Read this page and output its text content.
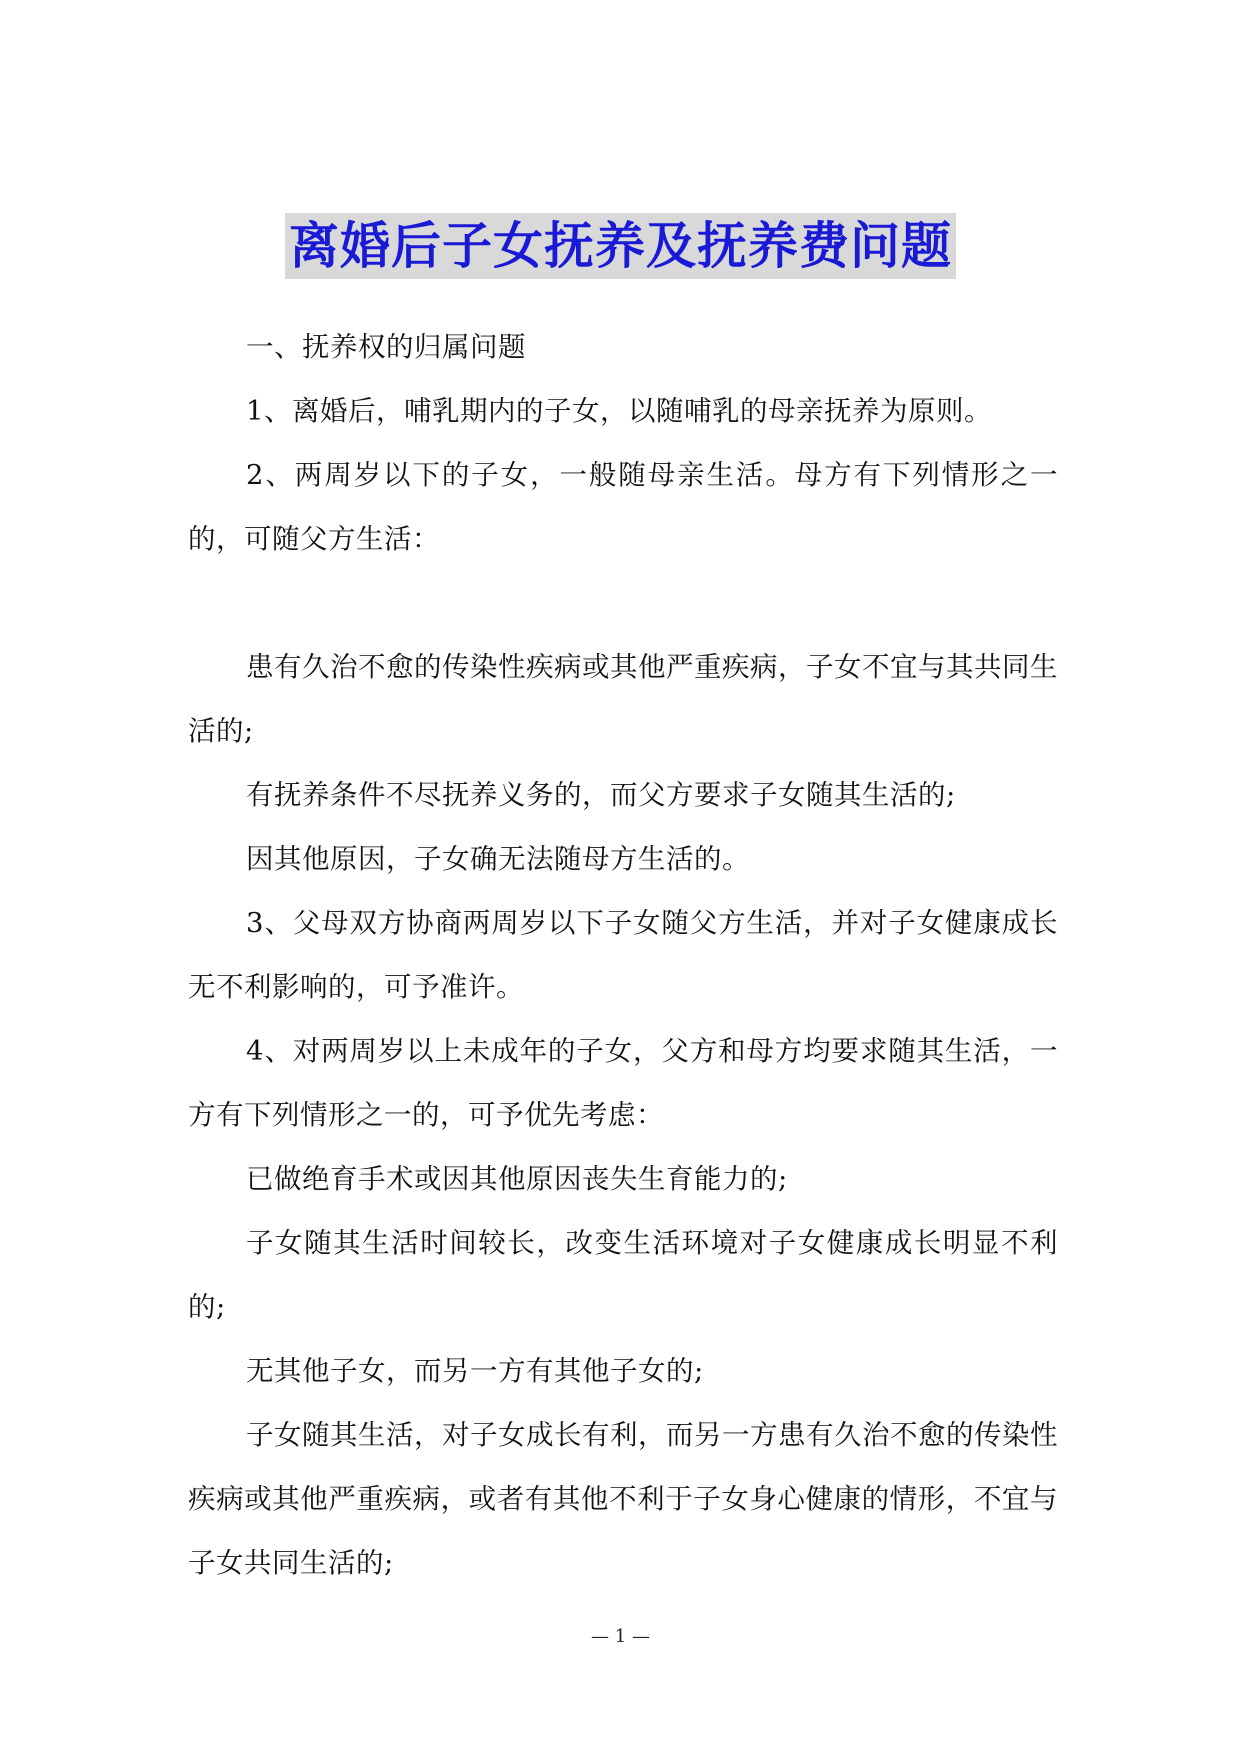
离婚后子女抚养及抚养费问题

一、抚养权的归属问题

1、离婚后，哺乳期内的子女，以随哺乳的母亲抚养为原则。

2、两周岁以下的子女，一般随母亲生活。母方有下列情形之一的，可随父方生活：

患有久治不愈的传染性疾病或其他严重疾病，子女不宜与其共同生活的;

有抚养条件不尽抚养义务的，而父方要求子女随其生活的;

因其他原因，子女确无法随母方生活的。

3、父母双方协商两周岁以下子女随父方生活，并对子女健康成长无不利影响的，可予准许。

4、对两周岁以上未成年的子女，父方和母方均要求随其生活，一方有下列情形之一的，可予优先考虑：

已做绝育手术或因其他原因丧失生育能力的;

子女随其生活时间较长，改变生活环境对子女健康成长明显不利的;

无其他子女，而另一方有其他子女的;

子女随其生活，对子女成长有利，而另一方患有久治不愈的传染性疾病或其他严重疾病，或者有其他不利于子女身心健康的情形，不宜与子女共同生活的;

— 1 —
